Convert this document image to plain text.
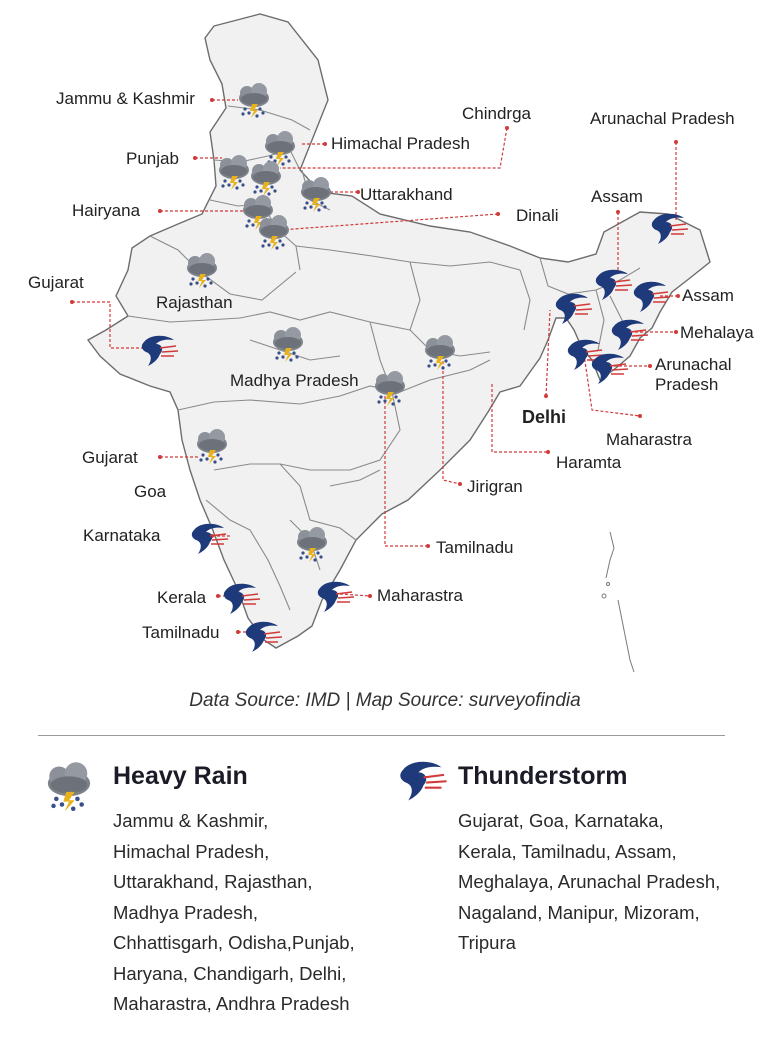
Jammu & Kashmir
Himachal Pradesh
Chindrga	Arunachal Pradesh
Punjab
Uttarakhand
Hairyana	Dinali
Assam
Gujarat
Rajasthan	Assam
Mehalaya
Madhya Pradesh
Arunachal
Pradesh
Delhi
Maharastra
Gujarat	Haramta
Goa	Jirigran
Karnataka
Tamilnadu
Kerala	Maharastra
Tamilnadu
Data Source: IMD | Map Source: surveyofindia
Heavy Rain
Jammu & Kashmir,
Himachal Pradesh,
Uttarakhand, Rajasthan,
Madhya Pradesh,
Chhattisgarh, Odisha,Punjab,
Haryana, Chandigarh, Delhi,
Maharastra, Andhra Pradesh
Thunderstorm
Gujarat, Goa, Karnataka,
Kerala, Tamilnadu, Assam,
Meghalaya, Arunachal Pradesh,
Nagaland, Manipur, Mizoram,
Tripura
